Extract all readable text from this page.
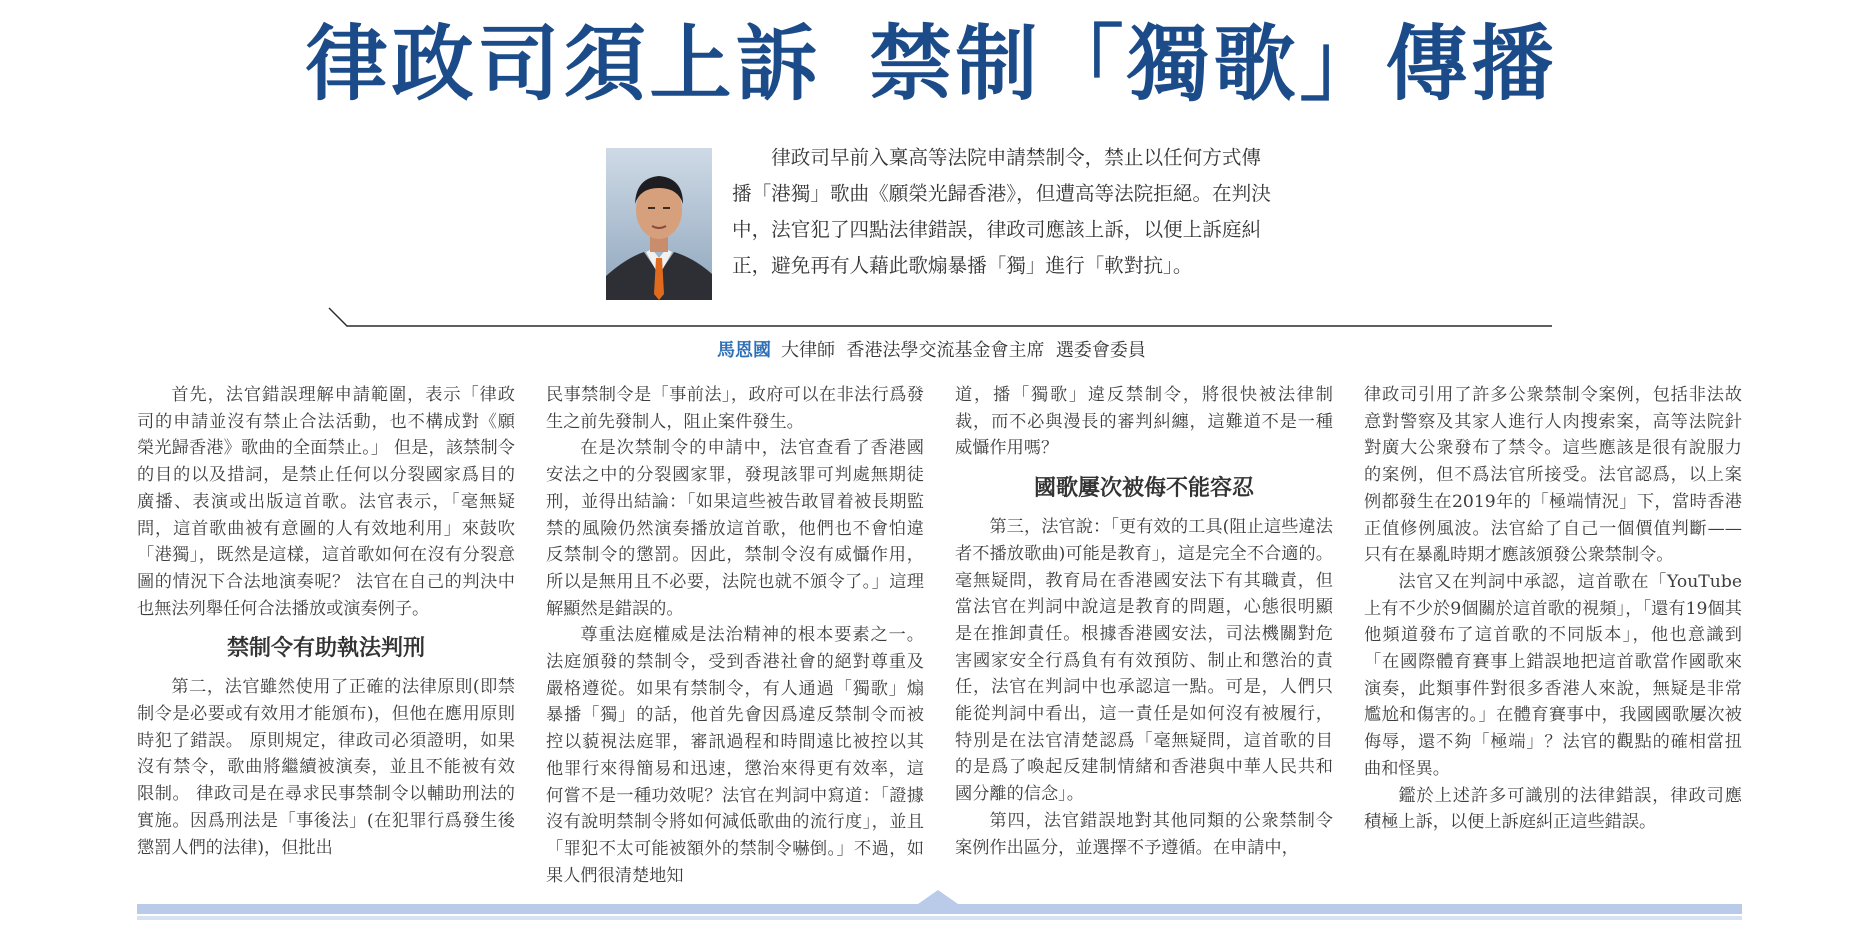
律政司須上訴 禁制「獨歌」傳播
律政司早前入稟高等法院申請禁制令，禁止以任何方式傳播「港獨」歌曲《願榮光歸香港》，但遭高等法院拒絕。在判決中，法官犯了四點法律錯誤，律政司應該上訴，以便上訴庭糾正，避免再有人藉此歌煽暴播「獨」進行「軟對抗」。
馬恩國 大律師  香港法學交流基金會主席  選委會委員

首先，法官錯誤理解申請範圍，表示「律政司的申請並沒有禁止合法活動，也不構成對《願榮光歸香港》歌曲的全面禁止。」 但是，該禁制令的目的以及措詞，是禁止任何以分裂國家爲目的廣播、表演或出版這首歌。法官表示，「毫無疑問，這首歌曲被有意圖的人有效地利用」來鼓吹「港獨」，既然是這樣，這首歌如何在沒有分裂意圖的情況下合法地演奏呢？ 法官在自己的判決中也無法列舉任何合法播放或演奏例子。

禁制令有助執法判刑

第二，法官雖然使用了正確的法律原則(即禁制令是必要或有效用才能頒布)，但他在應用原則時犯了錯誤。 原則規定，律政司必須證明，如果沒有禁令，歌曲將繼續被演奏，並且不能被有效限制。 律政司是在尋求民事禁制令以輔助刑法的實施。因爲刑法是「事後法」(在犯罪行爲發生後懲罰人們的法律)，但批出

民事禁制令是「事前法」，政府可以在非法行爲發生之前先發制人，阻止案件發生。

在是次禁制令的申請中，法官查看了香港國安法之中的分裂國家罪，發現該罪可判處無期徒刑，並得出結論：「如果這些被告敢冒着被長期監禁的風險仍然演奏播放這首歌，他們也不會怕違反禁制令的懲罰。因此，禁制令沒有威懾作用，所以是無用且不必要，法院也就不頒令了。」這理解顯然是錯誤的。

尊重法庭權威是法治精神的根本要素之一。法庭頒發的禁制令，受到香港社會的絕對尊重及嚴格遵從。如果有禁制令，有人通過「獨歌」煽暴播「獨」的話，他首先會因爲違反禁制令而被控以藐視法庭罪，審訊過程和時間遠比被控以其他罪行來得簡易和迅速，懲治來得更有效率，這何嘗不是一種功效呢？法官在判詞中寫道：「證據沒有說明禁制令將如何減低歌曲的流行度」，並且「罪犯不太可能被額外的禁制令嚇倒。」不過，如果人們很清楚地知

道，播「獨歌」違反禁制令，將很快被法律制裁，而不必與漫長的審判糾纏，這難道不是一種威懾作用嗎？

國歌屢次被侮不能容忍

第三，法官說：「更有效的工具(阻止這些違法者不播放歌曲)可能是教育」，這是完全不合適的。毫無疑問，教育局在香港國安法下有其職責，但當法官在判詞中說這是教育的問題，心態很明顯是在推卸責任。根據香港國安法，司法機關對危害國家安全行爲負有有效預防、制止和懲治的責任，法官在判詞中也承認這一點。可是，人們只能從判詞中看出，這一責任是如何沒有被履行，特別是在法官清楚認爲「毫無疑問，這首歌的目的是爲了喚起反建制情緒和香港與中華人民共和國分離的信念」。

第四，法官錯誤地對其他同類的公衆禁制令案例作出區分，並選擇不予遵循。在申請中，

律政司引用了許多公衆禁制令案例，包括非法故意對警察及其家人進行人肉搜索案，高等法院針對廣大公衆發布了禁令。這些應該是很有說服力的案例，但不爲法官所接受。法官認爲，以上案例都發生在2019年的「極端情況」下，當時香港正值修例風波。法官給了自己一個價值判斷——只有在暴亂時期才應該頒發公衆禁制令。

法官又在判詞中承認，這首歌在「YouTube上有不少於9個關於這首歌的視頻」，「還有19個其他頻道發布了這首歌的不同版本」，他也意識到「在國際體育賽事上錯誤地把這首歌當作國歌來演奏，此類事件對很多香港人來說，無疑是非常尷尬和傷害的。」在體育賽事中，我國國歌屢次被侮辱，還不夠「極端」？法官的觀點的確相當扭曲和怪異。

鑑於上述許多可識別的法律錯誤，律政司應積極上訴，以便上訴庭糾正這些錯誤。
